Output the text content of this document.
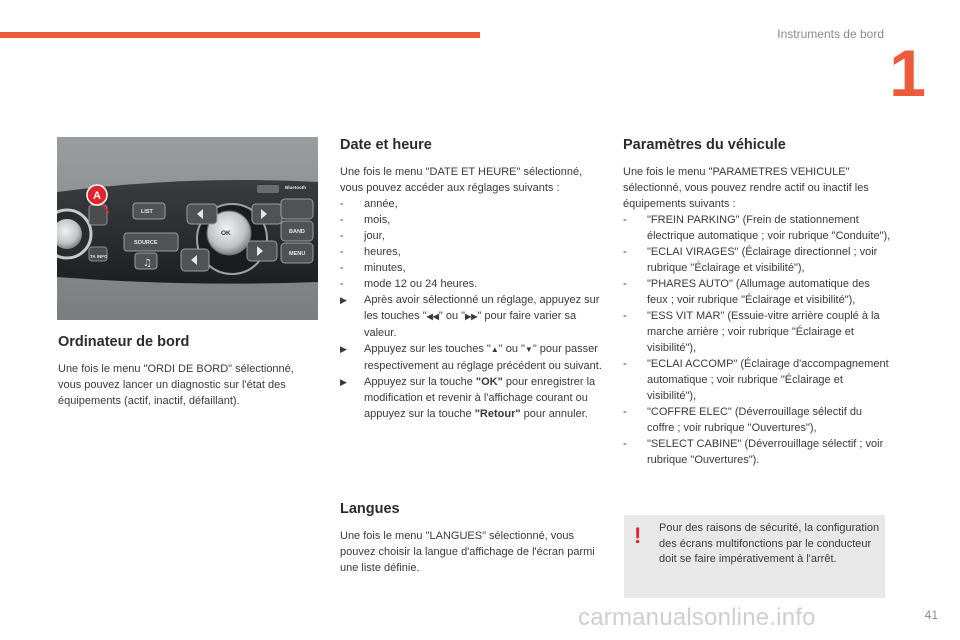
Instruments de bord
1
LIST
SOURCE
OK	BAND
MENU
TA INFO
Bluetooth
♫
A
Ordinateur de bord

Une fois le menu "ORDI DE BORD" sélectionné, vous pouvez lancer un diagnostic sur l'état des équipements (actif, inactif, défaillant).

Date et heure

Une fois le menu "DATE ET HEURE" sélectionné, vous pouvez accéder aux réglages suivants :

- année,
- mois,
- jour,
- heures,
- minutes,
- mode 12 ou 24 heures.
▶ Après avoir sélectionné un réglage, appuyez sur les touches "◀◀" ou "▶▶" pour faire varier sa valeur.
▶ Appuyez sur les touches "▲" ou "▼" pour passer respectivement au réglage précédent ou suivant.
▶ Appuyez sur la touche "OK" pour enregistrer la modification et revenir à l'affichage courant ou appuyez sur la touche "Retour" pour annuler.
Langues

Une fois le menu "LANGUES" sélectionné, vous pouvez choisir la langue d'affichage de l'écran parmi une liste définie.

Paramètres du véhicule

Une fois le menu "PARAMETRES VEHICULE" sélectionné, vous pouvez rendre actif ou inactif les équipements suivants :

- "FREIN PARKING" (Frein de stationnement électrique automatique ; voir rubrique "Conduite"),
- "ECLAI VIRAGES" (Éclairage directionnel ; voir rubrique "Éclairage et visibilité"),
- "PHARES AUTO" (Allumage automatique des feux ; voir rubrique "Éclairage et visibilité"),
- "ESS VIT MAR" (Essuie-vitre arrière couplé à la marche arrière ; voir rubrique "Éclairage et visibilité"),
- "ECLAI ACCOMP" (Éclairage d'accompagnement automatique ; voir rubrique "Éclairage et visibilité"),
- "COFFRE ELEC" (Déverrouillage sélectif du coffre ; voir rubrique "Ouvertures"),
- "SELECT CABINE" (Déverrouillage sélectif ; voir rubrique "Ouvertures").
! Pour des raisons de sécurité, la configuration des écrans multifonctions par le conducteur doit se faire impérativement à l'arrêt.

carmanualsonline.info	41
